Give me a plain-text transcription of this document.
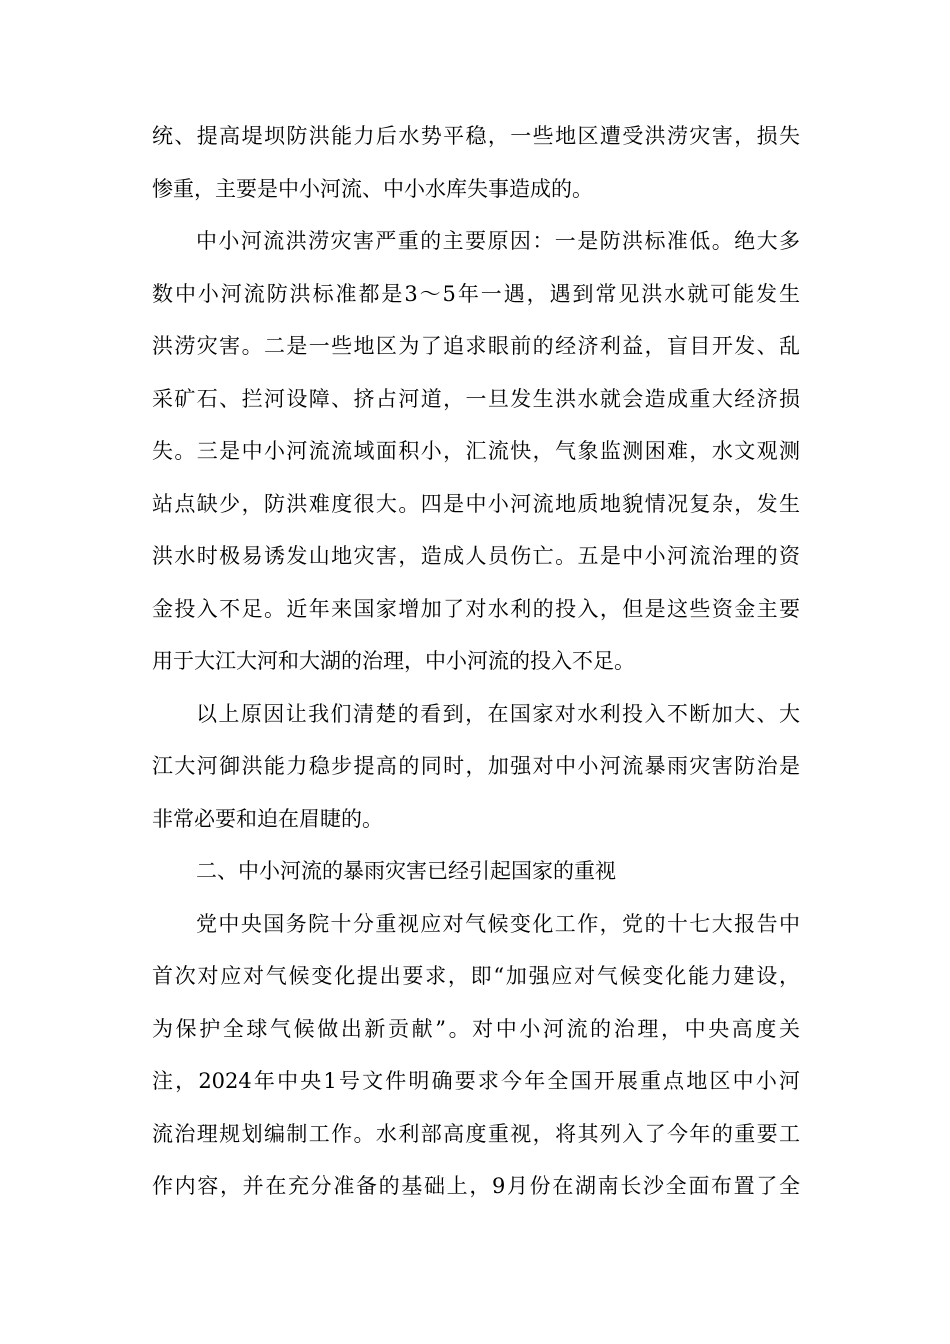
统、提高堤坝防洪能力后水势平稳，一些地区遭受洪涝灾害，损失
惨重，主要是中小河流、中小水库失事造成的。
中小河流洪涝灾害严重的主要原因：一是防洪标准低。绝大多
数中小河流防洪标准都是3～5年一遇，遇到常见洪水就可能发生
洪涝灾害。二是一些地区为了追求眼前的经济利益，盲目开发、乱
采矿石、拦河设障、挤占河道，一旦发生洪水就会造成重大经济损
失。三是中小河流流域面积小，汇流快，气象监测困难，水文观测
站点缺少，防洪难度很大。四是中小河流地质地貌情况复杂，发生
洪水时极易诱发山地灾害，造成人员伤亡。五是中小河流治理的资
金投入不足。近年来国家增加了对水利的投入，但是这些资金主要
用于大江大河和大湖的治理，中小河流的投入不足。
以上原因让我们清楚的看到，在国家对水利投入不断加大、大
江大河御洪能力稳步提高的同时，加强对中小河流暴雨灾害防治是
非常必要和迫在眉睫的。
二、中小河流的暴雨灾害已经引起国家的重视
党中央国务院十分重视应对气候变化工作，党的十七大报告中
首次对应对气候变化提出要求，即“加强应对气候变化能力建设，
为保护全球气候做出新贡献”。对中小河流的治理，中央高度关
注，2024年中央1号文件明确要求今年全国开展重点地区中小河
流治理规划编制工作。水利部高度重视，将其列入了今年的重要工
作内容，并在充分准备的基础上，9月份在湖南长沙全面布置了全
